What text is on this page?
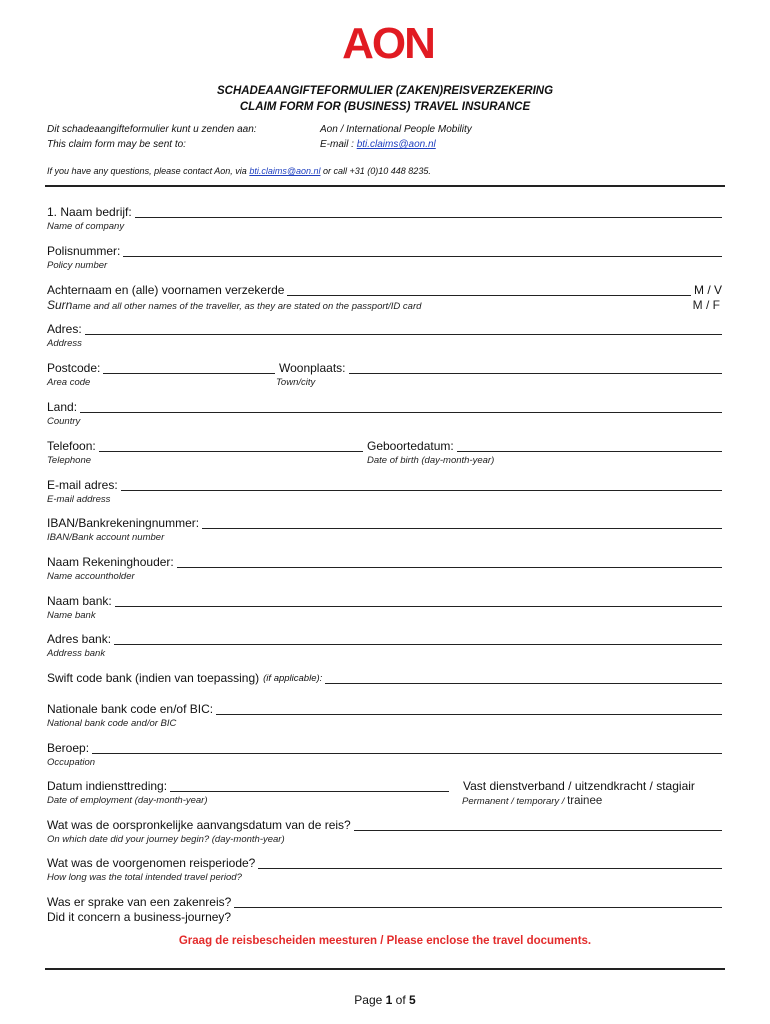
AON
SCHADEAANGIFTEFORMULIER (ZAKEN)REISVERZEKERING
CLAIM FORM FOR (BUSINESS) TRAVEL INSURANCE
Dit schadeaangifteformulier kunt u zenden aan:
This claim form may be sent to:
Aon / International People Mobility
E-mail : bti.claims@aon.nl
If you have any questions, please contact Aon, via bti.claims@aon.nl or call +31 (0)10 448 8235.
1. Naam bedrijf:
Name of company
Polisnummer:
Policy number
Achternaam en (alle) voornamen verzekerde	M / V
Surname and all other names of the traveller, as they are stated on the passport/ID card	M / F
Adres:
Address
Postcode:	Woonplaats:
Area code	Town/city
Land:
Country
Telefoon:	Geboortedatum:
Telephone	Date of birth (day-month-year)
E-mail adres:
E-mail address
IBAN/Bankrekeningnummer:
IBAN/Bank account number
Naam Rekeninghouder:
Name accountholder
Naam bank:
Name bank
Adres bank:
Address bank
Swift code bank (indien van toepassing) (if applicable):
Nationale bank code en/of BIC:
National bank code and/or BIC
Beroep:
Occupation
Datum indiensttreding:	Vast dienstverband / uitzendkracht / stagiair
Date of employment (day-month-year)	Permanent / temporary / trainee
Wat was de oorspronkelijke aanvangsdatum van de reis?
On which date did your journey begin? (day-month-year)
Wat was de voorgenomen reisperiode?
How long was the total intended travel period?
Was er sprake van een zakenreis?
Did it concern a business-journey?
Graag de reisbescheiden meesturen / Please enclose the travel documents.
Page 1 of 5
